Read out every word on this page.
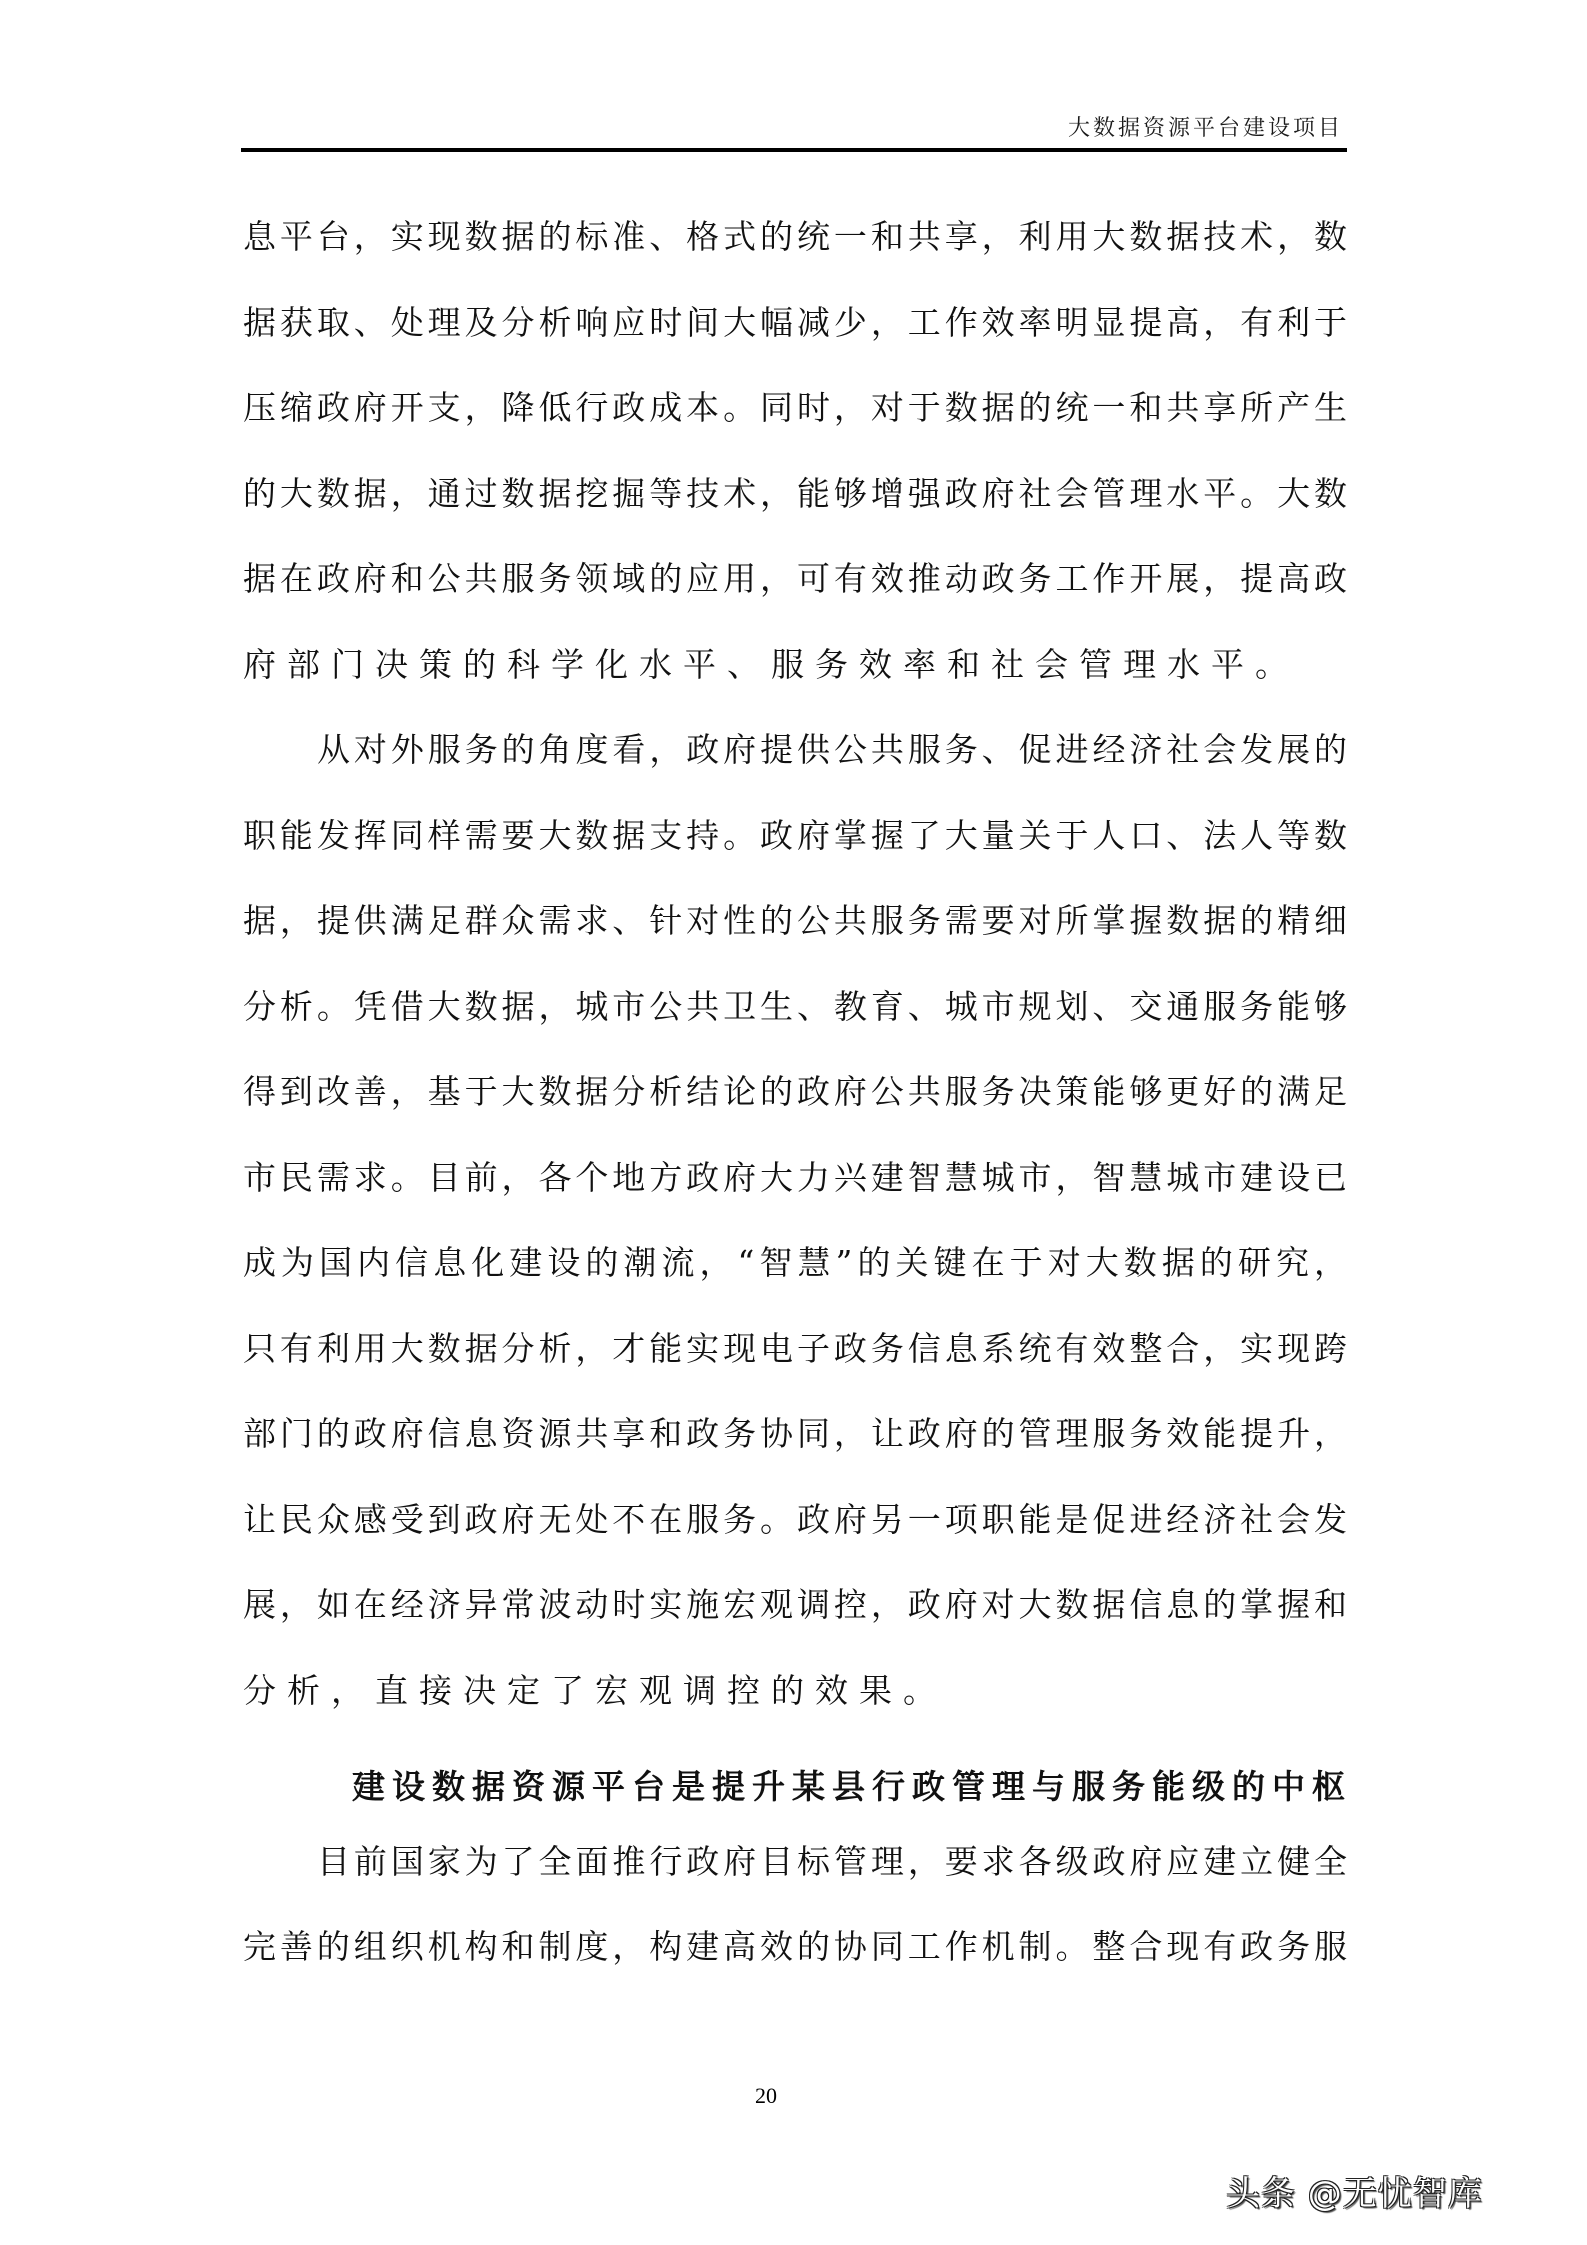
大数据资源平台建设项目
息平台，实现数据的标准、格式的统一和共享，利用大数据技术，数
据获取、处理及分析响应时间大幅减少，工作效率明显提高，有利于
压缩政府开支，降低行政成本。同时，对于数据的统一和共享所产生
的大数据，通过数据挖掘等技术，能够增强政府社会管理水平。大数
据在政府和公共服务领域的应用，可有效推动政务工作开展，提高政
府部门决策的科学化水平、服务效率和社会管理水平。
从对外服务的角度看，政府提供公共服务、促进经济社会发展的
职能发挥同样需要大数据支持。政府掌握了大量关于人口、法人等数
据，提供满足群众需求、针对性的公共服务需要对所掌握数据的精细
分析。凭借大数据，城市公共卫生、教育、城市规划、交通服务能够
得到改善，基于大数据分析结论的政府公共服务决策能够更好的满足
市民需求。目前，各个地方政府大力兴建智慧城市，智慧城市建设已
成为国内信息化建设的潮流，“智慧”的关键在于对大数据的研究，
只有利用大数据分析，才能实现电子政务信息系统有效整合，实现跨
部门的政府信息资源共享和政务协同，让政府的管理服务效能提升，
让民众感受到政府无处不在服务。政府另一项职能是促进经济社会发
展，如在经济异常波动时实施宏观调控，政府对大数据信息的掌握和
分析，直接决定了宏观调控的效果。
建设数据资源平台是提升某县行政管理与服务能级的中枢
目前国家为了全面推行政府目标管理，要求各级政府应建立健全
完善的组织机构和制度，构建高效的协同工作机制。整合现有政务服
20
头条 @无忧智库
